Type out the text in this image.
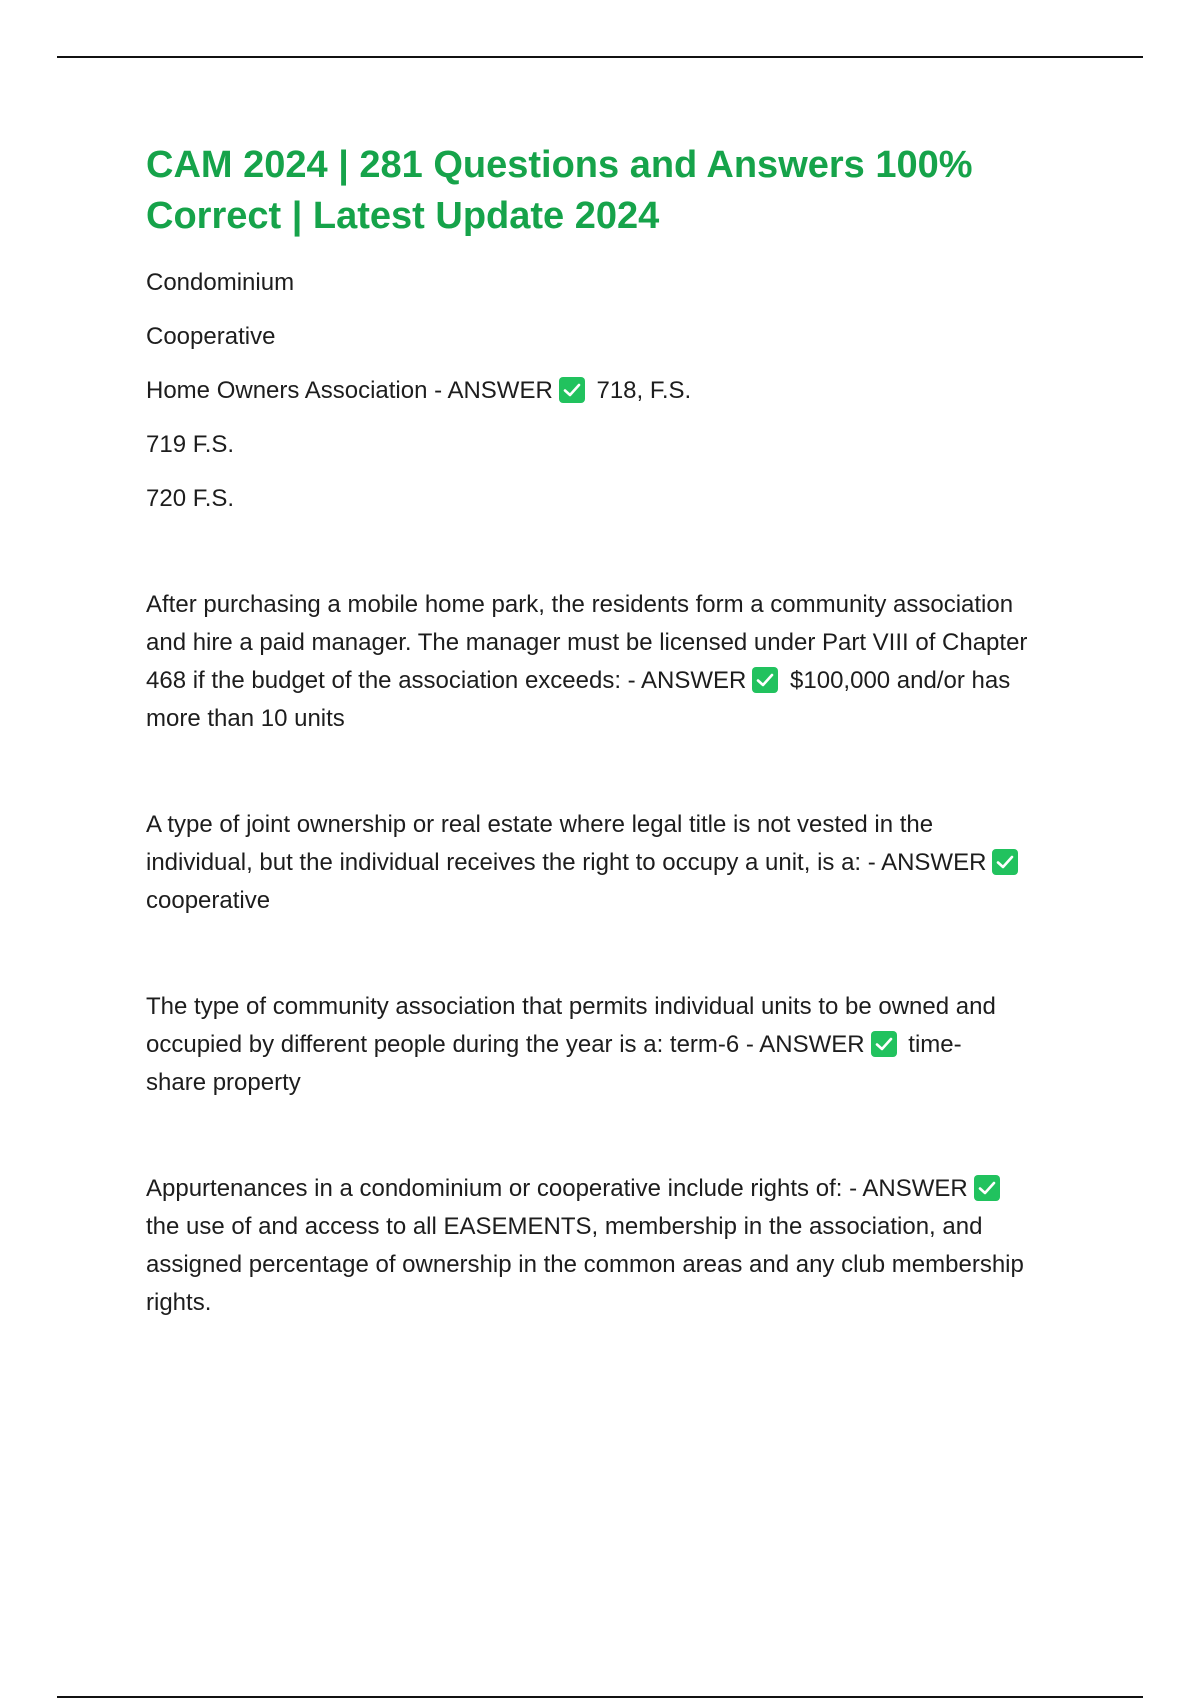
CAM 2024 | 281 Questions and Answers 100%
Correct | Latest Update 2024

Condominium

Cooperative

Home Owners Association - ANSWER 718, F.S.

719 F.S.

720 F.S.

After purchasing a mobile home park, the residents form a community association
and hire a paid manager. The manager must be licensed under Part VIII of Chapter
468 if the budget of the association exceeds: - ANSWER $100,000 and/or has
more than 10 units

A type of joint ownership or real estate where legal title is not vested in the
individual, but the individual receives the right to occupy a unit, is a: - ANSWER

cooperative

The type of community association that permits individual units to be owned and
occupied by different people during the year is a: term-6 - ANSWER time-
share property

Appurtenances in a condominium or cooperative include rights of: - ANSWER

the use of and access to all EASEMENTS, membership in the association, and
assigned percentage of ownership in the common areas and any club membership
rights.
